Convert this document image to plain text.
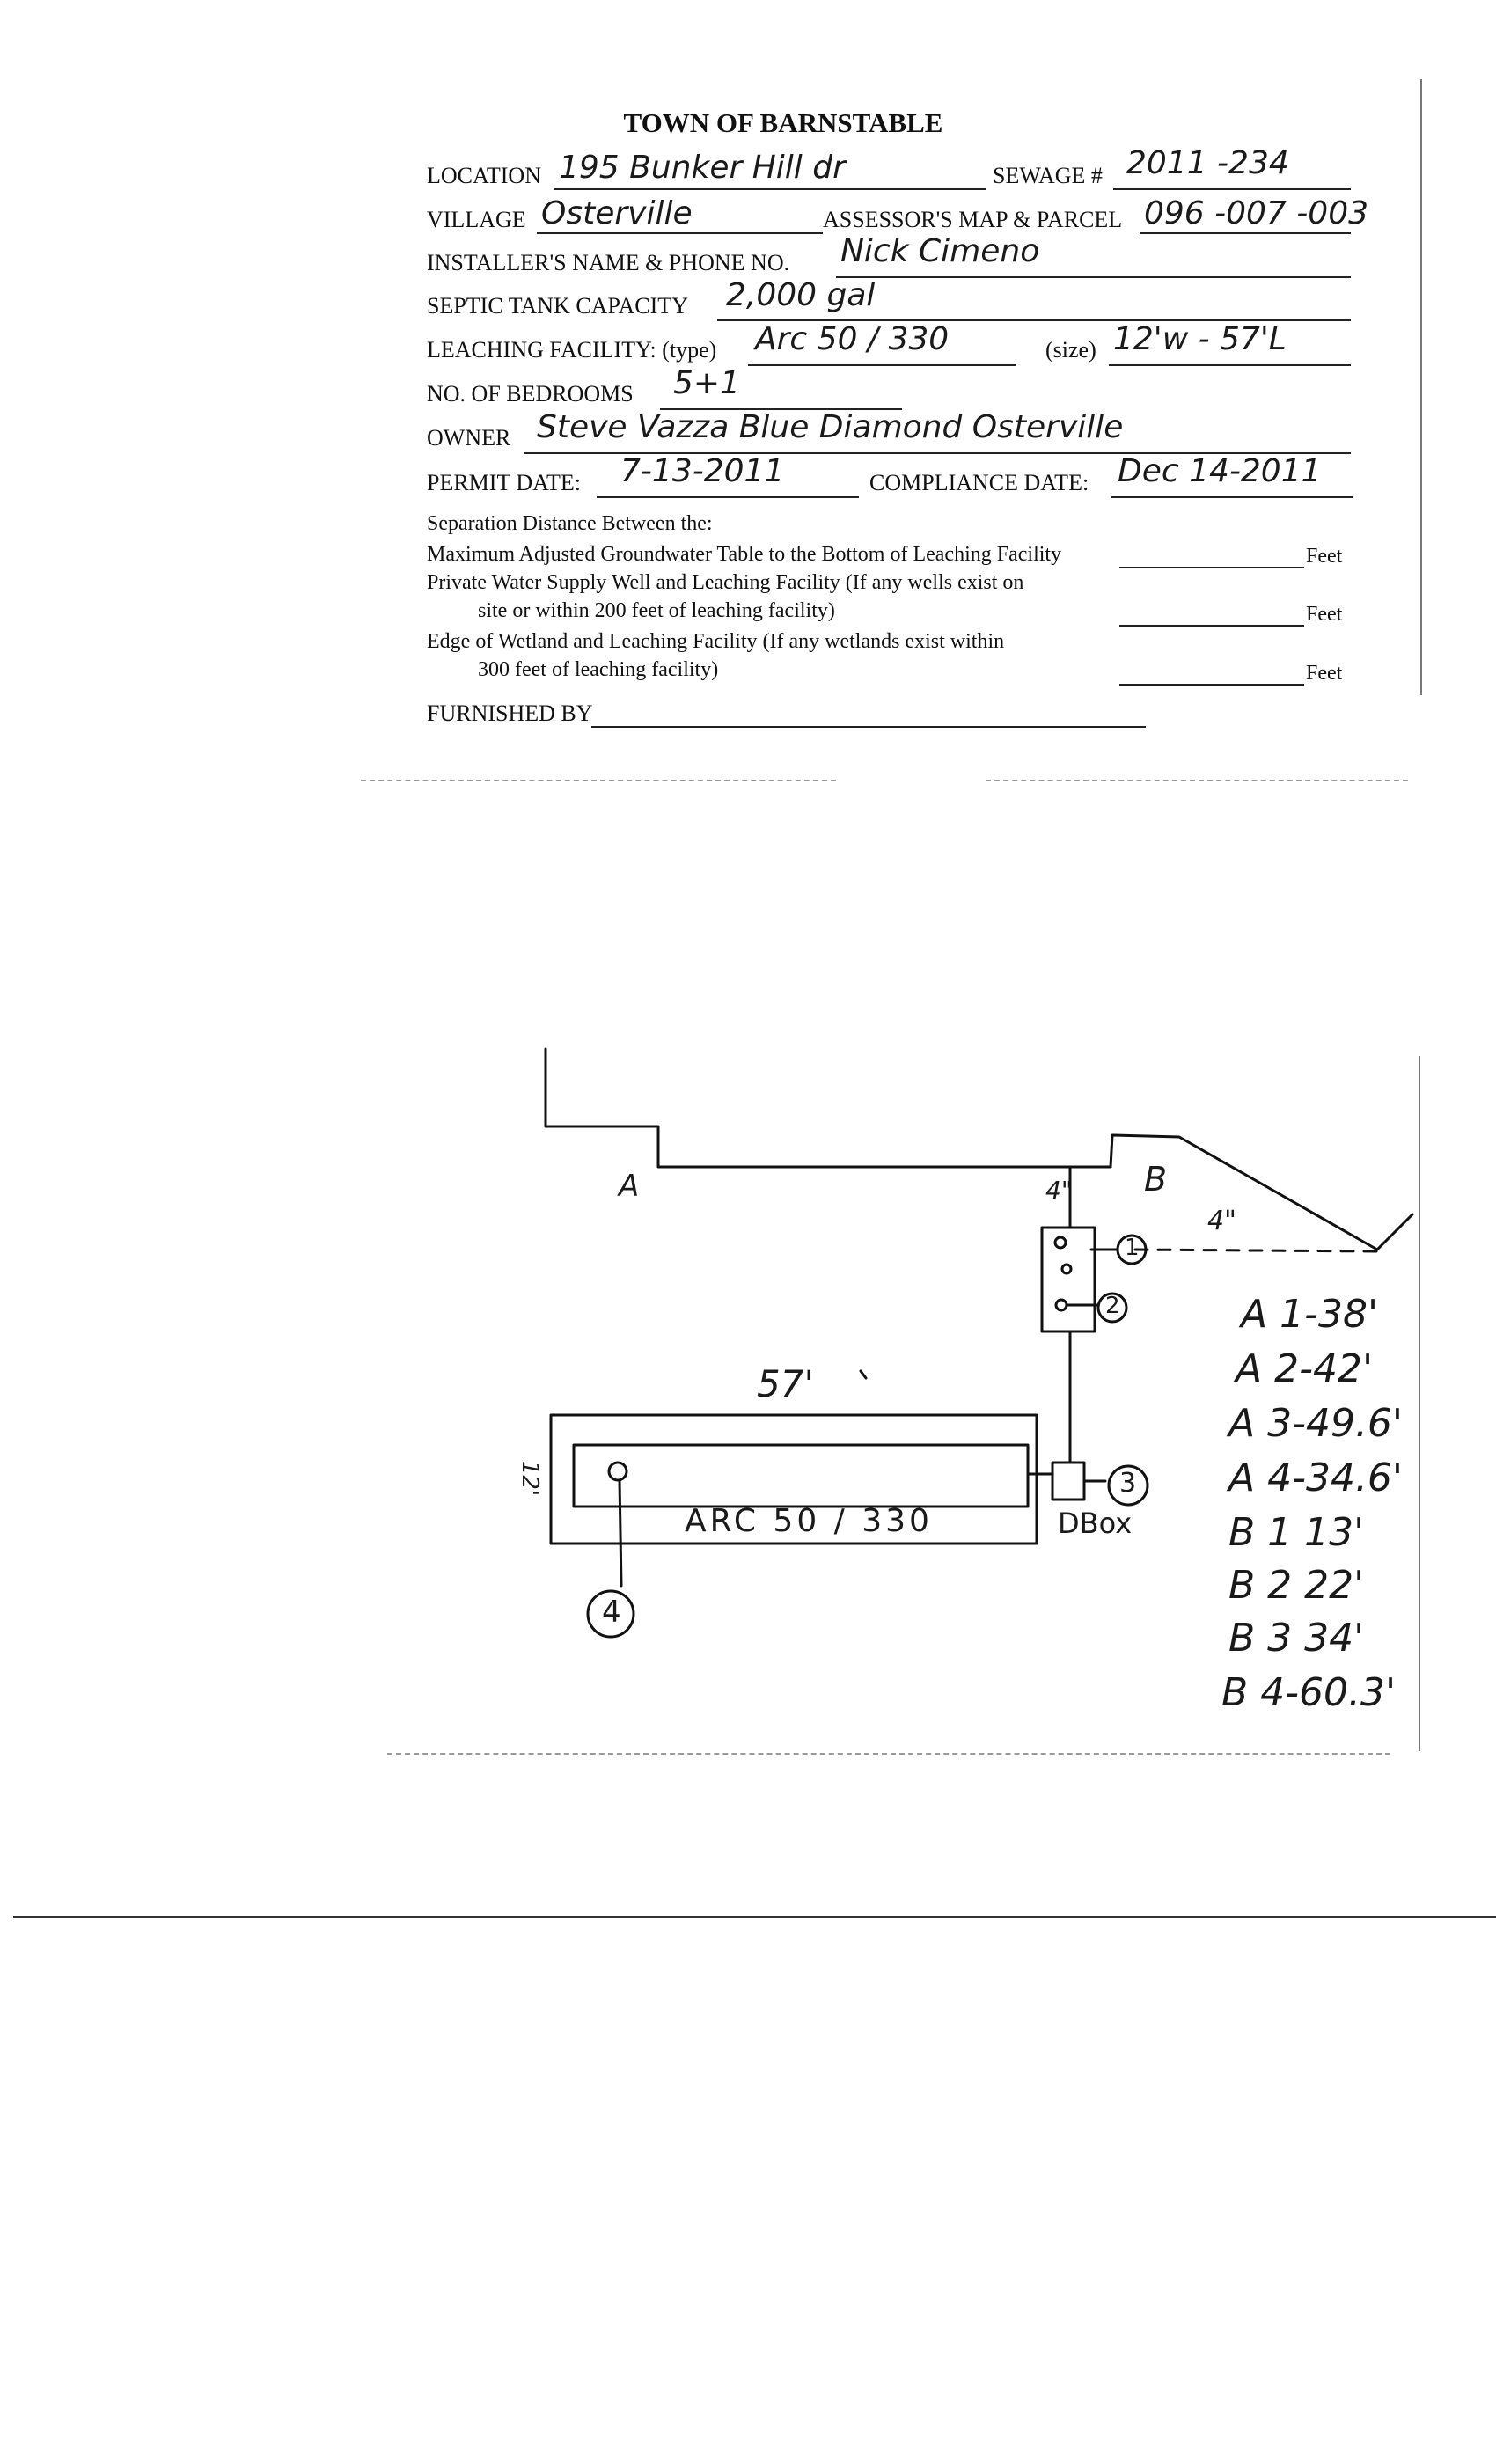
TOWN OF BARNSTABLE
LOCATION 195 Bunker Hill dr	SEWAGE # 2011 -234
VILLAGE Osterville	ASSESSOR'S MAP & PARCEL 096 -007 -003
INSTALLER'S NAME & PHONE NO. Nick Cimeno
SEPTIC TANK CAPACITY 2,000 gal
LEACHING FACILITY: (type) Arc 50 / 330	(size) 12'w - 57'L
NO. OF BEDROOMS 5+1
OWNER Steve Vazza Blue Diamond Osterville
PERMIT DATE: 7-13-2011	COMPLIANCE DATE: Dec 14-2011
Separation Distance Between the:
Maximum Adjusted Groundwater Table to the Bottom of Leaching Facility	Feet
Private Water Supply Well and Leaching Facility (If any wells exist on
site or within 200 feet of leaching facility)	Feet
Edge of Wetland and Leaching Facility (If any wetlands exist within
300 feet of leaching facility)	Feet
FURNISHED BY
A	B
4"
4"
1
2
3
4
57'
12'
ARC 50 / 330	DBox
A 1-38'
A 2-42'
A 3-49.6'
A 4-34.6'
B 1 13'
B 2 22'
B 3 34'
B 4-60.3'
